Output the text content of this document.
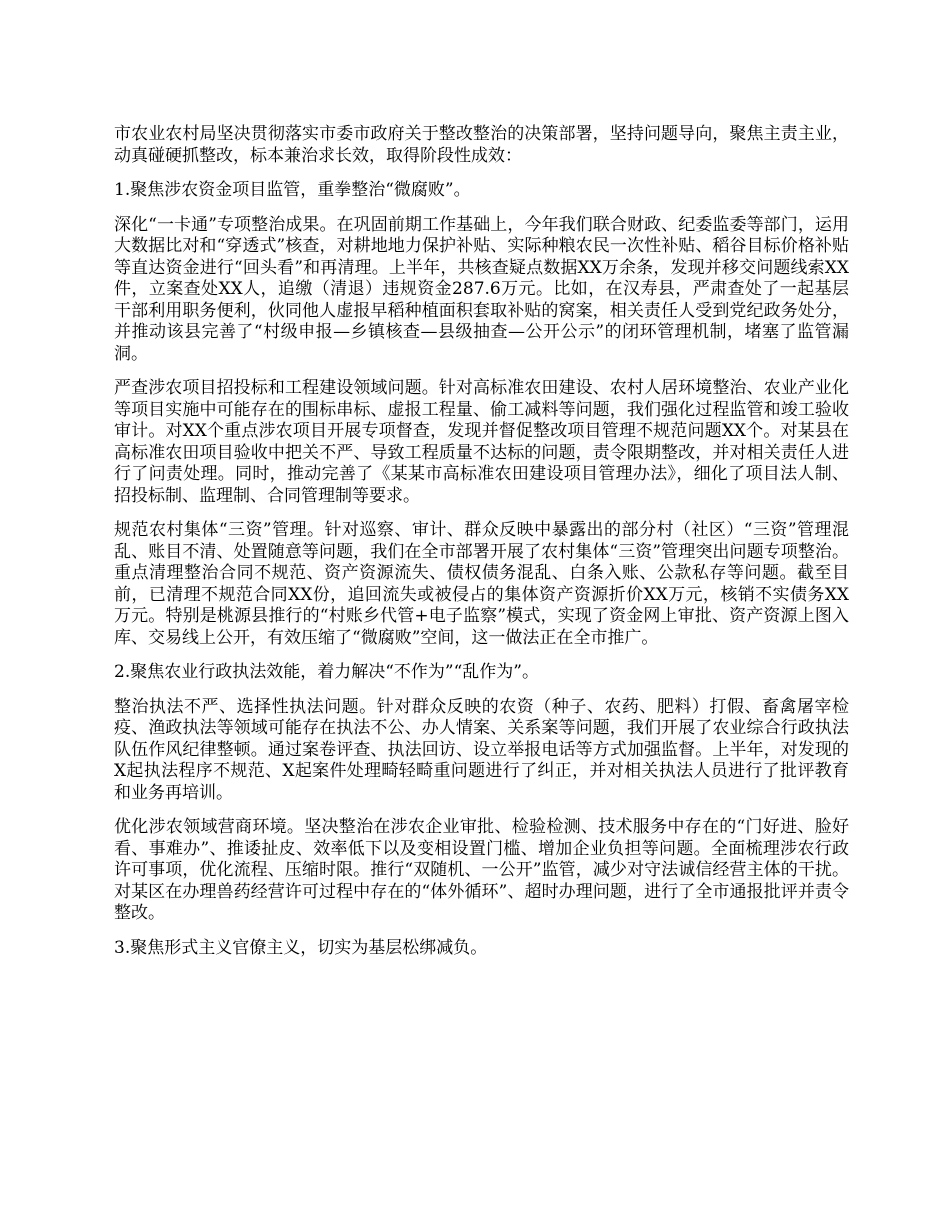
市农业农村局坚决贯彻落实市委市政府关于整改整治的决策部署，坚持问题导向，聚焦主责主业，动真碰硬抓整改，标本兼治求长效，取得阶段性成效：

1.聚焦涉农资金项目监管，重拳整治“微腐败”。

深化“一卡通”专项整治成果。在巩固前期工作基础上，今年我们联合财政、纪委监委等部门，运用大数据比对和“穿透式”核查，对耕地地力保护补贴、实际种粮农民一次性补贴、稻谷目标价格补贴等直达资金进行“回头看”和再清理。上半年，共核查疑点数据XX万余条，发现并移交问题线索XX件，立案查处XX人，追缴（清退）违规资金287.6万元。比如，在汉寿县，严肃查处了一起基层干部利用职务便利，伙同他人虚报早稻种植面积套取补贴的窝案，相关责任人受到党纪政务处分，并推动该县完善了“村级申报—乡镇核查—县级抽查—公开公示”的闭环管理机制，堵塞了监管漏洞。

严查涉农项目招投标和工程建设领域问题。针对高标准农田建设、农村人居环境整治、农业产业化等项目实施中可能存在的围标串标、虚报工程量、偷工减料等问题，我们强化过程监管和竣工验收审计。对XX个重点涉农项目开展专项督查，发现并督促整改项目管理不规范问题XX个。对某县在高标准农田项目验收中把关不严、导致工程质量不达标的问题，责令限期整改，并对相关责任人进行了问责处理。同时，推动完善了《某某市高标准农田建设项目管理办法》，细化了项目法人制、招投标制、监理制、合同管理制等要求。

规范农村集体“三资”管理。针对巡察、审计、群众反映中暴露出的部分村（社区）“三资”管理混乱、账目不清、处置随意等问题，我们在全市部署开展了农村集体“三资”管理突出问题专项整治。重点清理整治合同不规范、资产资源流失、债权债务混乱、白条入账、公款私存等问题。截至目前，已清理不规范合同XX份，追回流失或被侵占的集体资产资源折价XX万元，核销不实债务XX万元。特别是桃源县推行的“村账乡代管+电子监察”模式，实现了资金网上审批、资产资源上图入库、交易线上公开，有效压缩了“微腐败”空间，这一做法正在全市推广。

2.聚焦农业行政执法效能，着力解决“不作为”“乱作为”。

整治执法不严、选择性执法问题。针对群众反映的农资（种子、农药、肥料）打假、畜禽屠宰检疫、渔政执法等领域可能存在执法不公、办人情案、关系案等问题，我们开展了农业综合行政执法队伍作风纪律整顿。通过案卷评查、执法回访、设立举报电话等方式加强监督。上半年，对发现的X起执法程序不规范、X起案件处理畸轻畸重问题进行了纠正，并对相关执法人员进行了批评教育和业务再培训。

优化涉农领域营商环境。坚决整治在涉农企业审批、检验检测、技术服务中存在的“门好进、脸好看、事难办”、推诿扯皮、效率低下以及变相设置门槛、增加企业负担等问题。全面梳理涉农行政许可事项，优化流程、压缩时限。推行“双随机、一公开”监管，减少对守法诚信经营主体的干扰。对某区在办理兽药经营许可过程中存在的“体外循环”、超时办理问题，进行了全市通报批评并责令整改。

3.聚焦形式主义官僚主义，切实为基层松绑减负。
